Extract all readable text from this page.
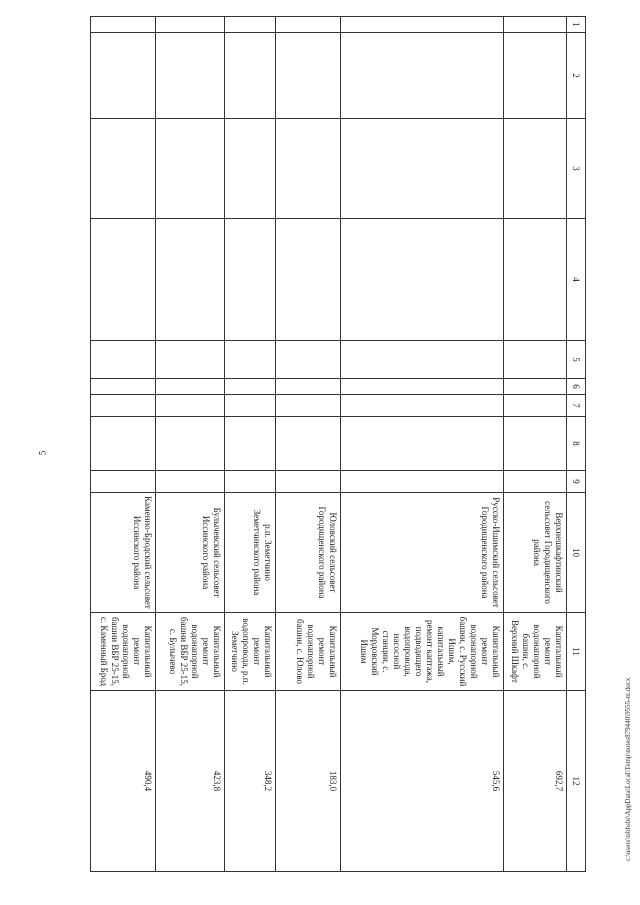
5
1	2	3	4	5	6	7	8	9	10	11	12
									Верхнешкафтинский сельсовет Городищенского района	Капитальный ремонт водонапорной башни, с. Верхний Шкафт	692,7
									Русско-Ишимский сельсовет Городищенского района	Капитальный ремонт водонапорной башни, с. Русский Ишим, капитальный ремонт каптажа, подводящего водопровода, насосной станции, с. Мордовский Ишим	545,6
									Юловский сельсовет Городищенского района	Капитальный ремонт водонапорной башни, с. Юлово	183,0
									р.п. Земетчино Земетчинского района	Капитальный ремонт водопровода, р.п. Земетчино	348,2
									Булычевский сельсовет Иссинского района	Капитальный ремонт водонапорной башни ВБР 25-15, с. Булычево	423,8
									Каменно-Бродский сельсовет Иссинского района	Капитальный ремонт водонапорной башни ВБР 25-15, с. Каменный Брод	490,4	c:\users\tsbhsbr\AppData\Local\Temp\notes879440\9555-m.docx
